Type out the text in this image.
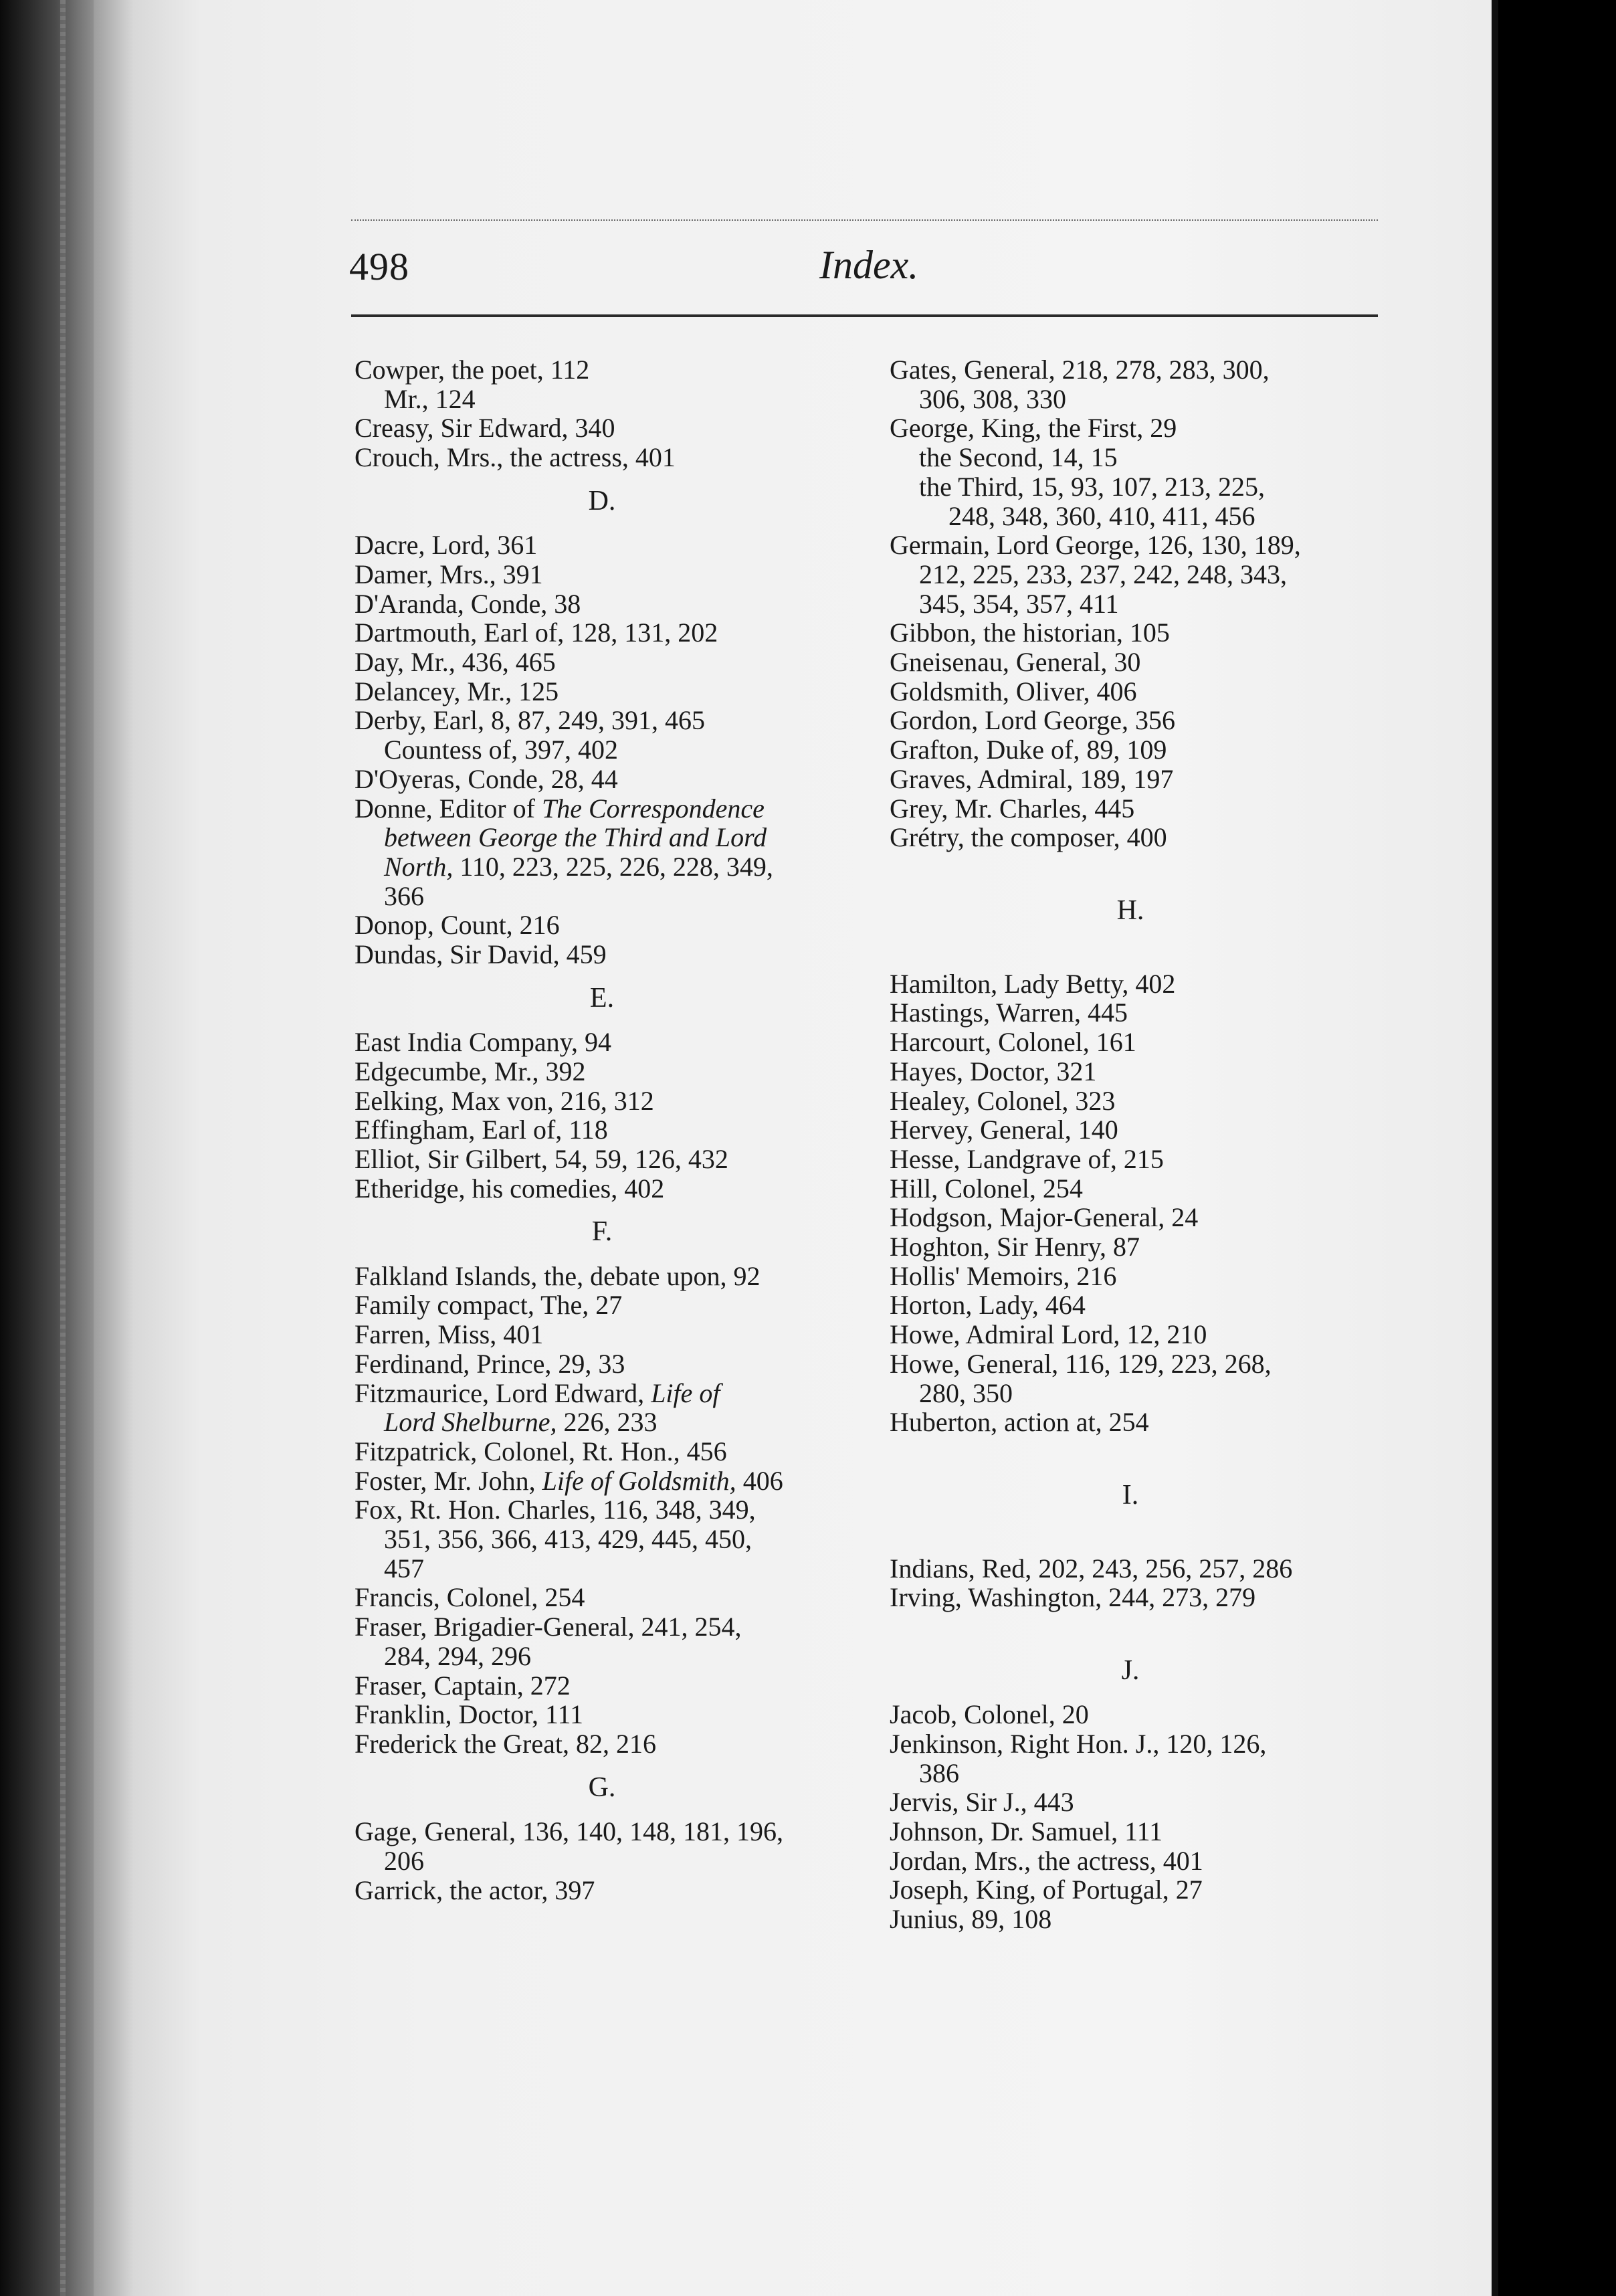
498	Index.
Cowper, the poet, 112
Mr., 124
Creasy, Sir Edward, 340
Crouch, Mrs., the actress, 401
D.
Dacre, Lord, 361
Damer, Mrs., 391
D'Aranda, Conde, 38
Dartmouth, Earl of, 128, 131, 202
Day, Mr., 436, 465
Delancey, Mr., 125
Derby, Earl, 8, 87, 249, 391, 465
Countess of, 397, 402
D'Oyeras, Conde, 28, 44
Donne, Editor of The Correspondence
between George the Third and Lord
North, 110, 223, 225, 226, 228, 349,
366
Donop, Count, 216
Dundas, Sir David, 459
E.
East India Company, 94
Edgecumbe, Mr., 392
Eelking, Max von, 216, 312
Effingham, Earl of, 118
Elliot, Sir Gilbert, 54, 59, 126, 432
Etheridge, his comedies, 402
F.
Falkland Islands, the, debate upon, 92
Family compact, The, 27
Farren, Miss, 401
Ferdinand, Prince, 29, 33
Fitzmaurice, Lord Edward, Life of
Lord Shelburne, 226, 233
Fitzpatrick, Colonel, Rt. Hon., 456
Foster, Mr. John, Life of Goldsmith, 406
Fox, Rt. Hon. Charles, 116, 348, 349,
351, 356, 366, 413, 429, 445, 450,
457
Francis, Colonel, 254
Fraser, Brigadier-General, 241, 254,
284, 294, 296
Fraser, Captain, 272
Franklin, Doctor, 111
Frederick the Great, 82, 216
G.
Gage, General, 136, 140, 148, 181, 196,
206
Garrick, the actor, 397
Gates, General, 218, 278, 283, 300,
306, 308, 330
George, King, the First, 29
the Second, 14, 15
the Third, 15, 93, 107, 213, 225,
248, 348, 360, 410, 411, 456
Germain, Lord George, 126, 130, 189,
212, 225, 233, 237, 242, 248, 343,
345, 354, 357, 411
Gibbon, the historian, 105
Gneisenau, General, 30
Goldsmith, Oliver, 406
Gordon, Lord George, 356
Grafton, Duke of, 89, 109
Graves, Admiral, 189, 197
Grey, Mr. Charles, 445
Grétry, the composer, 400
H.
Hamilton, Lady Betty, 402
Hastings, Warren, 445
Harcourt, Colonel, 161
Hayes, Doctor, 321
Healey, Colonel, 323
Hervey, General, 140
Hesse, Landgrave of, 215
Hill, Colonel, 254
Hodgson, Major-General, 24
Hoghton, Sir Henry, 87
Hollis' Memoirs, 216
Horton, Lady, 464
Howe, Admiral Lord, 12, 210
Howe, General, 116, 129, 223, 268,
280, 350
Huberton, action at, 254
I.
Indians, Red, 202, 243, 256, 257, 286
Irving, Washington, 244, 273, 279
J.
Jacob, Colonel, 20
Jenkinson, Right Hon. J., 120, 126,
386
Jervis, Sir J., 443
Johnson, Dr. Samuel, 111
Jordan, Mrs., the actress, 401
Joseph, King, of Portugal, 27
Junius, 89, 108
